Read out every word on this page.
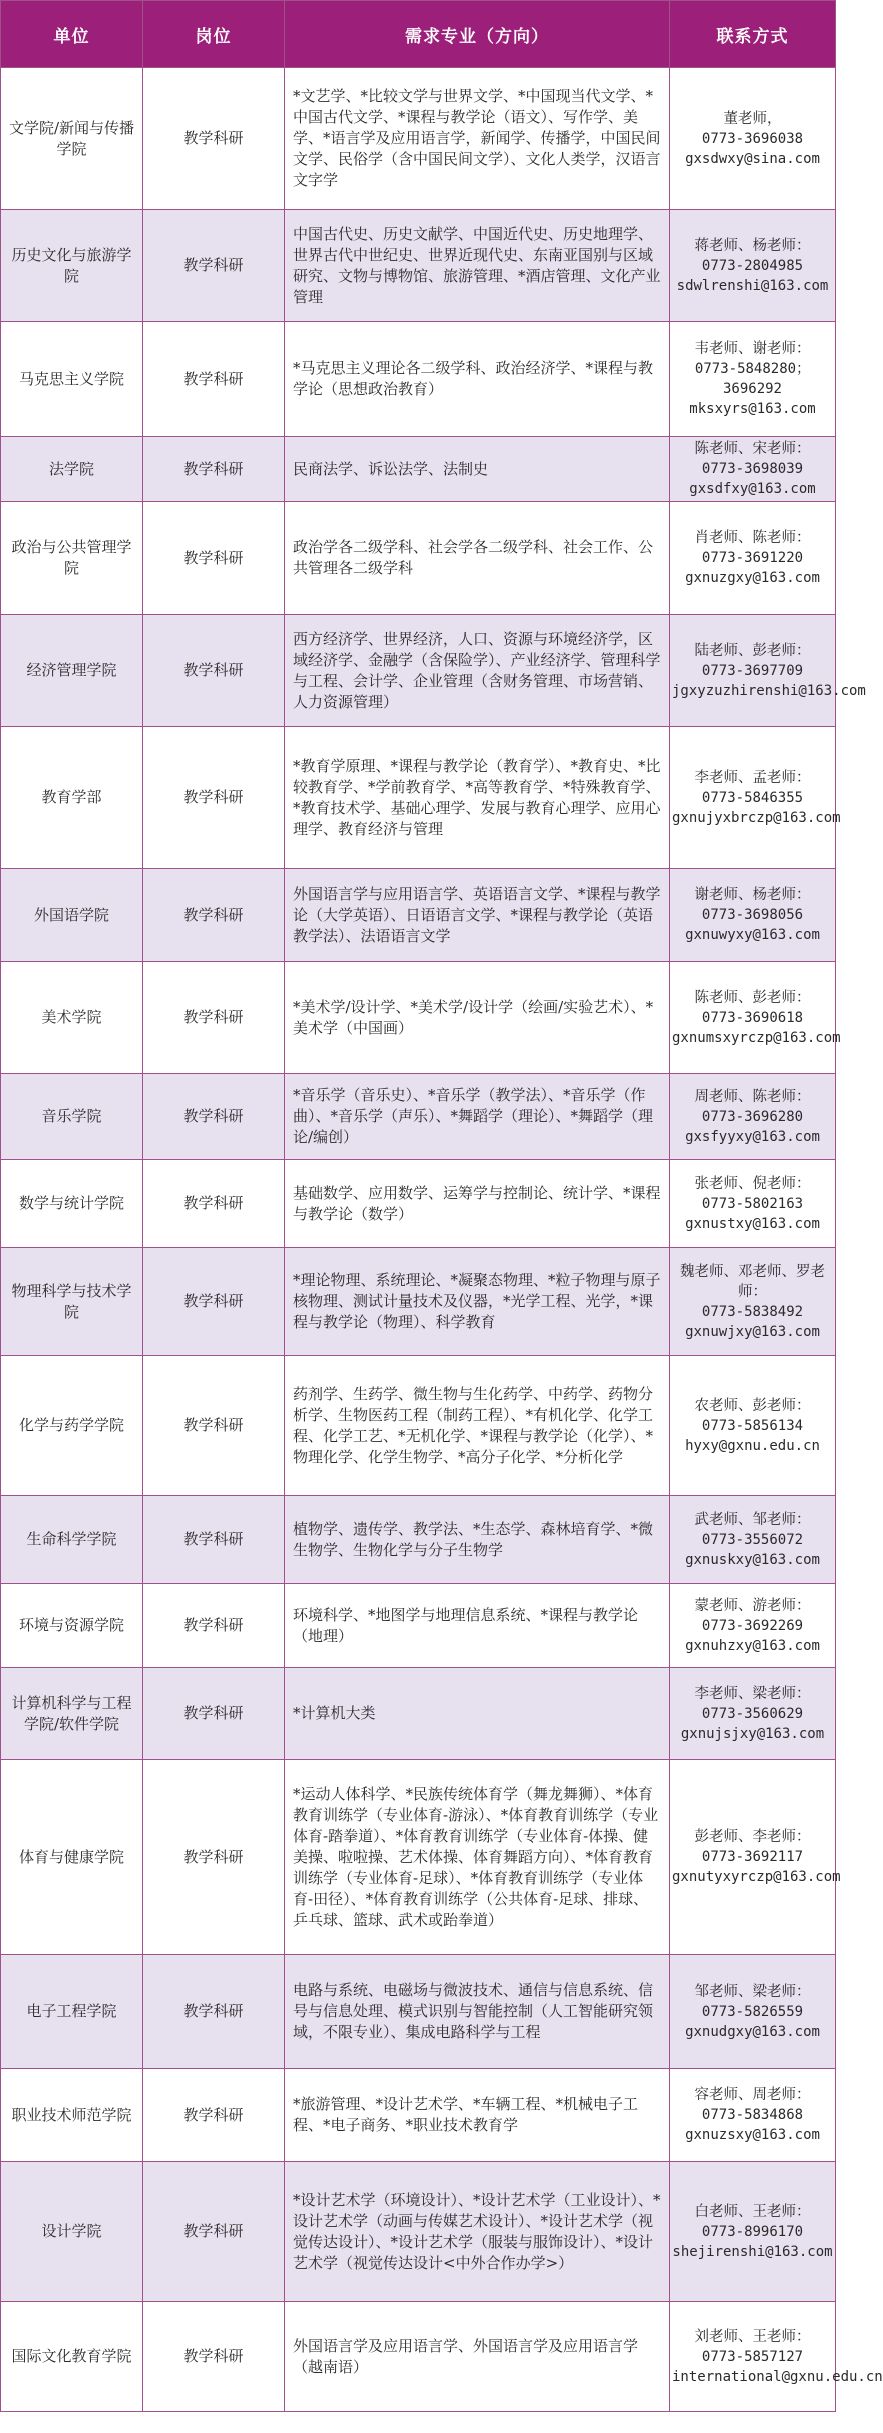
单位	岗位	需求专业（方向）	联系方式
文学院/新闻与传播学院	教学科研	*文艺学、*比较文学与世界文学、*中国现当代文学、*中国古代文学、*课程与教学论（语文）、写作学、美学、*语言学及应用语言学，新闻学、传播学，中国民间文学、民俗学（含中国民间文学）、文化人类学，汉语言文字学	董老师，
0773-3696038
gxsdwxy@sina.com

历史文化与旅游学院	教学科研	中国古代史、历史文献学、中国近代史、历史地理学、世界古代中世纪史、世界近现代史、东南亚国别与区域研究、文物与博物馆、旅游管理、*酒店管理、文化产业管理	蒋老师、杨老师：
0773-2804985
sdwlrenshi@163.com

马克思主义学院	教学科研	*马克思主义理论各二级学科、政治经济学、*课程与教学论（思想政治教育）	韦老师、谢老师：
0773-5848280；3696292
mksxyrs@163.com

法学院	教学科研	民商法学、诉讼法学、法制史	陈老师、宋老师：
0773-3698039
gxsdfxy@163.com

政治与公共管理学院	教学科研	政治学各二级学科、社会学各二级学科、社会工作、公共管理各二级学科	肖老师、陈老师：
0773-3691220
gxnuzgxy@163.com

经济管理学院	教学科研	西方经济学、世界经济，人口、资源与环境经济学，区域经济学、金融学（含保险学）、产业经济学、管理科学与工程、会计学、企业管理（含财务管理、市场营销、人力资源管理）	陆老师、彭老师：
0773-3697709
jgxyzuzhirenshi@163.com

教育学部	教学科研	*教育学原理、*课程与教学论（教育学）、*教育史、*比较教育学、*学前教育学、*高等教育学、*特殊教育学、*教育技术学、基础心理学、发展与教育心理学、应用心理学、教育经济与管理	李老师、孟老师：
0773-5846355
gxnujyxbrczp@163.com

外国语学院	教学科研	外国语言学与应用语言学、英语语言文学、*课程与教学论（大学英语）、日语语言文学、*课程与教学论（英语教学法）、法语语言文学	谢老师、杨老师：
0773-3698056
gxnuwyxy@163.com

美术学院	教学科研	*美术学/设计学、*美术学/设计学（绘画/实验艺术）、*美术学（中国画）	陈老师、彭老师：
0773-3690618
gxnumsxyrczp@163.com

音乐学院	教学科研	*音乐学（音乐史）、*音乐学（教学法）、*音乐学（作曲）、*音乐学（声乐）、*舞蹈学（理论）、*舞蹈学（理论/编创）	周老师、陈老师：
0773-3696280
gxsfyyxy@163.com

数学与统计学院	教学科研	基础数学、应用数学、运筹学与控制论、统计学、*课程与教学论（数学）	张老师、倪老师：
0773-5802163
gxnustxy@163.com

物理科学与技术学院	教学科研	*理论物理、系统理论、*凝聚态物理、*粒子物理与原子核物理、测试计量技术及仪器，*光学工程、光学，*课程与教学论（物理）、科学教育	魏老师、邓老师、罗老师：
0773-5838492
gxnuwjxy@163.com

化学与药学学院	教学科研	药剂学、生药学、微生物与生化药学、中药学、药物分析学、生物医药工程（制药工程）、*有机化学、化学工程、化学工艺、*无机化学、*课程与教学论（化学）、*物理化学、化学生物学、*高分子化学、*分析化学	农老师、彭老师：
0773-5856134
hyxy@gxnu.edu.cn

生命科学学院	教学科研	植物学、遗传学、教学法、*生态学、森林培育学、*微生物学、生物化学与分子生物学	武老师、邹老师：
0773-3556072
gxnuskxy@163.com

环境与资源学院	教学科研	环境科学、*地图学与地理信息系统、*课程与教学论（地理）	蒙老师、游老师：
0773-3692269
gxnuhzxy@163.com

计算机科学与工程学院/软件学院	教学科研	*计算机大类	李老师、梁老师：
0773-3560629
gxnujsjxy@163.com

体育与健康学院	教学科研	*运动人体科学、*民族传统体育学（舞龙舞狮）、*体育教育训练学（专业体育-游泳）、*体育教育训练学（专业体育-踏拳道）、*体育教育训练学（专业体育-体操、健美操、啦啦操、艺术体操、体育舞蹈方向）、*体育教育训练学（专业体育-足球）、*体育教育训练学（专业体育-田径）、*体育教育训练学（公共体育-足球、排球、乒乓球、篮球、武术或跆拳道）	彭老师、李老师：
0773-3692117
gxnutyxyrczp@163.com

电子工程学院	教学科研	电路与系统、电磁场与微波技术、通信与信息系统、信号与信息处理、模式识别与智能控制（人工智能研究领域，不限专业）、集成电路科学与工程	邹老师、梁老师：
0773-5826559
gxnudgxy@163.com

职业技术师范学院	教学科研	*旅游管理、*设计艺术学、*车辆工程、*机械电子工程、*电子商务、*职业技术教育学	容老师、周老师：
0773-5834868
gxnuzsxy@163.com

设计学院	教学科研	*设计艺术学（环境设计）、*设计艺术学（工业设计）、*设计艺术学（动画与传媒艺术设计）、*设计艺术学（视觉传达设计）、*设计艺术学（服装与服饰设计）、*设计艺术学（视觉传达设计<中外合作办学>）	白老师、王老师：
0773-8996170
shejirenshi@163.com

国际文化教育学院	教学科研	外国语言学及应用语言学、外国语言学及应用语言学（越南语）	刘老师、王老师：
0773-5857127
international@gxnu.edu.cn
